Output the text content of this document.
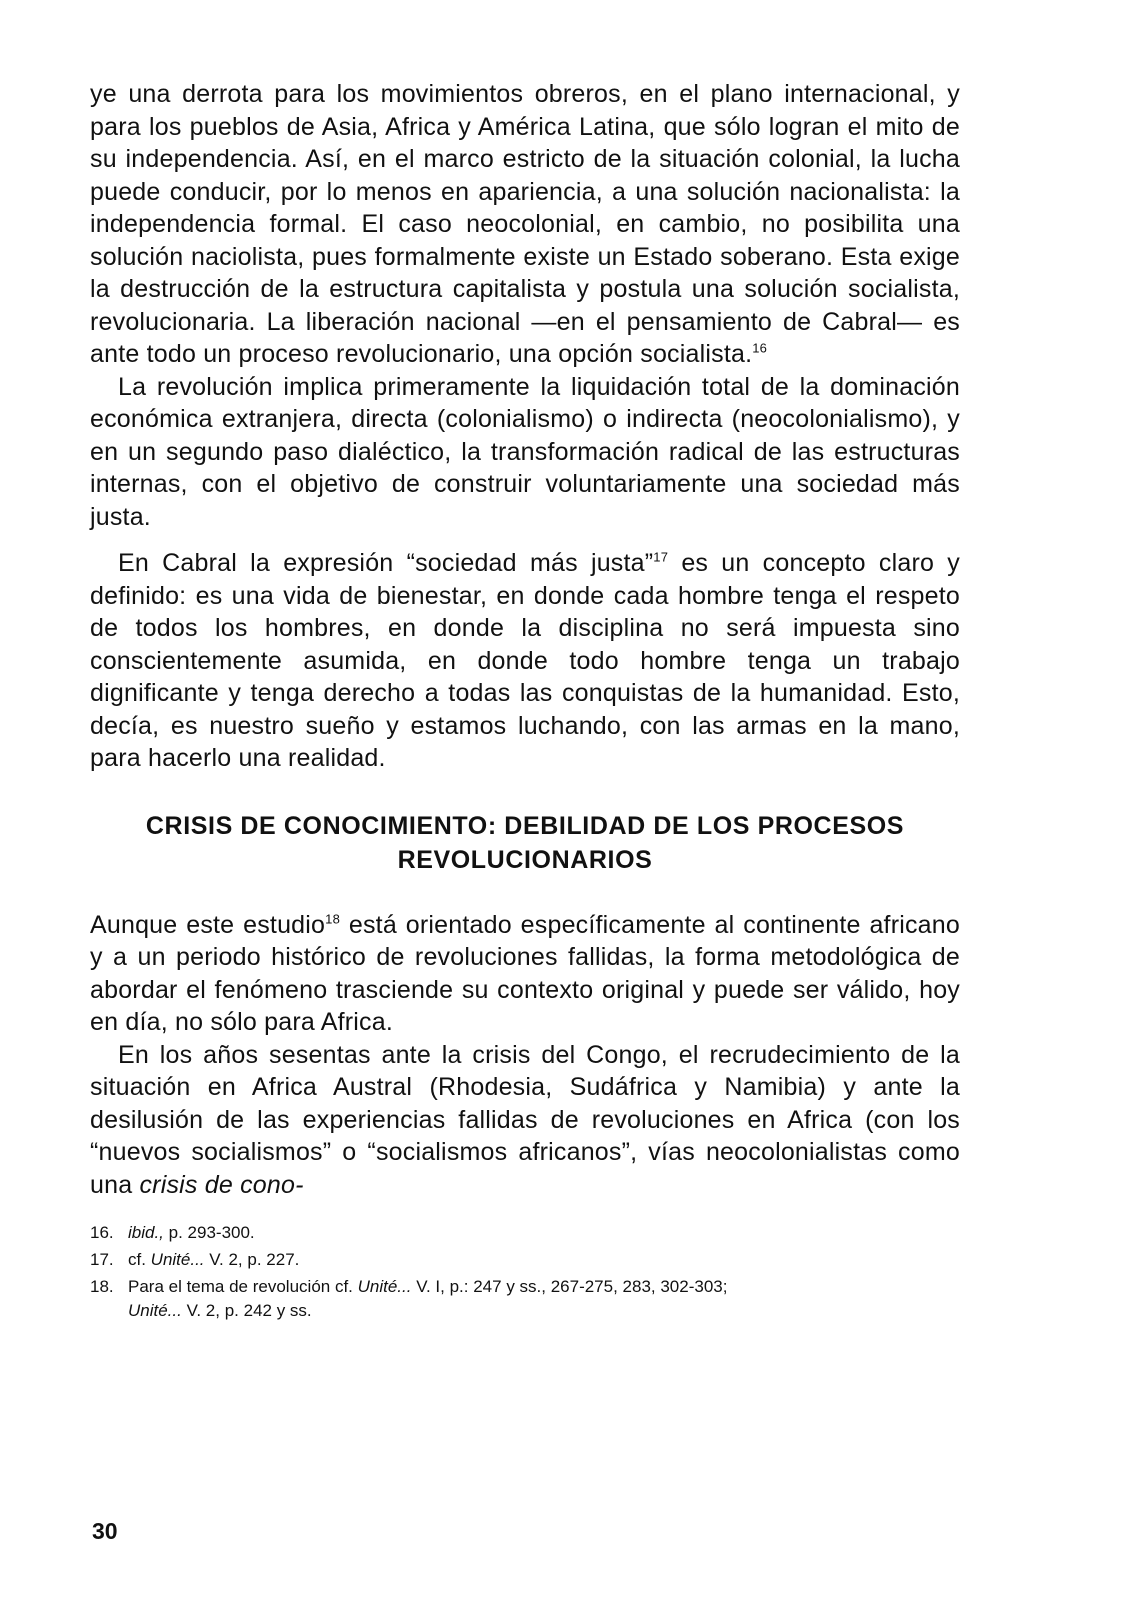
ye una derrota para los movimientos obreros, en el plano internacional, y para los pueblos de Asia, Africa y América Latina, que sólo logran el mito de su independencia. Así, en el marco estricto de la situación colonial, la lucha puede conducir, por lo menos en apariencia, a una solución nacionalista: la independencia formal. El caso neocolonial, en cambio, no posibilita una solución naciolista, pues formalmente existe un Estado soberano. Esta exige la destrucción de la estructura capitalista y postula una solución socialista, revolucionaria. La liberación nacional —en el pensamiento de Cabral— es ante todo un proceso revolucionario, una opción socialista.$^{16}$

La revolución implica primeramente la liquidación total de la dominación económica extranjera, directa (colonialismo) o indirecta (neocolonialismo), y en un segundo paso dialéctico, la transformación radical de las estructuras internas, con el objetivo de construir voluntariamente una sociedad más justa.

En Cabral la expresión “sociedad más justa”$^{17}$ es un concepto claro y definido: es una vida de bienestar, en donde cada hombre tenga el respeto de todos los hombres, en donde la disciplina no será impuesta sino conscientemente asumida, en donde todo hombre tenga un trabajo dignificante y tenga derecho a todas las conquistas de la humanidad. Esto, decía, es nuestro sueño y estamos luchando, con las armas en la mano, para hacerlo una realidad.

CRISIS DE CONOCIMIENTO: DEBILIDAD DE LOS PROCESOS
REVOLUCIONARIOS

Aunque este estudio$^{18}$ está orientado específicamente al continente africano y a un periodo histórico de revoluciones fallidas, la forma metodológica de abordar el fenómeno trasciende su contexto original y puede ser válido, hoy en día, no sólo para Africa.

En los años sesentas ante la crisis del Congo, el recrudecimiento de la situación en Africa Austral (Rhodesia, Sudáfrica y Namibia) y ante la desilusión de las experiencias fallidas de revoluciones en Africa (con los “nuevos socialismos” o “socialismos africanos”, vías neocolonialistas como una crisis de cono-

16. ibid., p. 293-300.
17. cf. Unité... V. 2, p. 227.
18. Para el tema de revolución cf. Unité... V. I, p.: 247 y ss., 267-275, 283, 302-303;
Unité... V. 2, p. 242 y ss.
30
